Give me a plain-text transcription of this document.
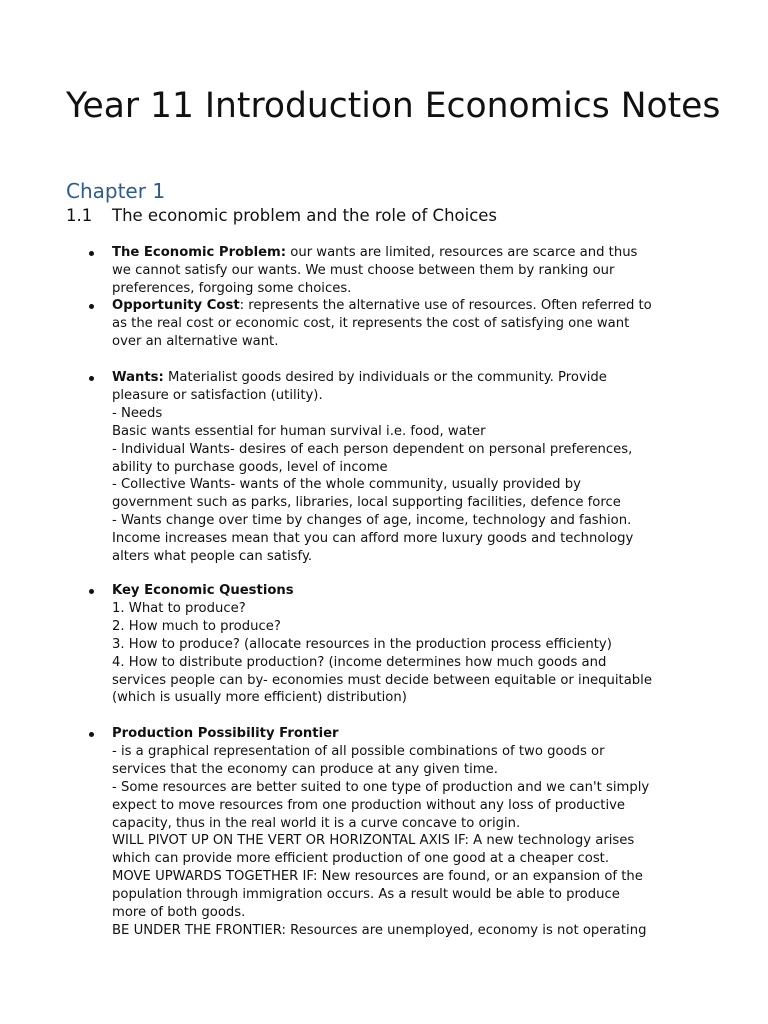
Year 11 Introduction Economics Notes
Chapter 1
1.1 The economic problem and the role of Choices
The Economic Problem: our wants are limited, resources are scarce and thus
we cannot satisfy our wants. We must choose between them by ranking our
preferences, forgoing some choices.
Opportunity Cost: represents the alternative use of resources. Often referred to
as the real cost or economic cost, it represents the cost of satisfying one want
over an alternative want.
Wants: Materialist goods desired by individuals or the community. Provide
pleasure or satisfaction (utility).
- Needs
Basic wants essential for human survival i.e. food, water
- Individual Wants- desires of each person dependent on personal preferences,
ability to purchase goods, level of income
- Collective Wants- wants of the whole community, usually provided by
government such as parks, libraries, local supporting facilities, defence force
- Wants change over time by changes of age, income, technology and fashion.
Income increases mean that you can afford more luxury goods and technology
alters what people can satisfy.
Key Economic Questions
1. What to produce?
2. How much to produce?
3. How to produce? (allocate resources in the production process efficienty)
4. How to distribute production? (income determines how much goods and
services people can by- economies must decide between equitable or inequitable
(which is usually more efficient) distribution)
Production Possibility Frontier
- is a graphical representation of all possible combinations of two goods or
services that the economy can produce at any given time.
- Some resources are better suited to one type of production and we can't simply
expect to move resources from one production without any loss of productive
capacity, thus in the real world it is a curve concave to origin.
WILL PIVOT UP ON THE VERT OR HORIZONTAL AXIS IF: A new technology arises
which can provide more efficient production of one good at a cheaper cost.
MOVE UPWARDS TOGETHER IF: New resources are found, or an expansion of the
population through immigration occurs. As a result would be able to produce
more of both goods.
BE UNDER THE FRONTIER: Resources are unemployed, economy is not operating
